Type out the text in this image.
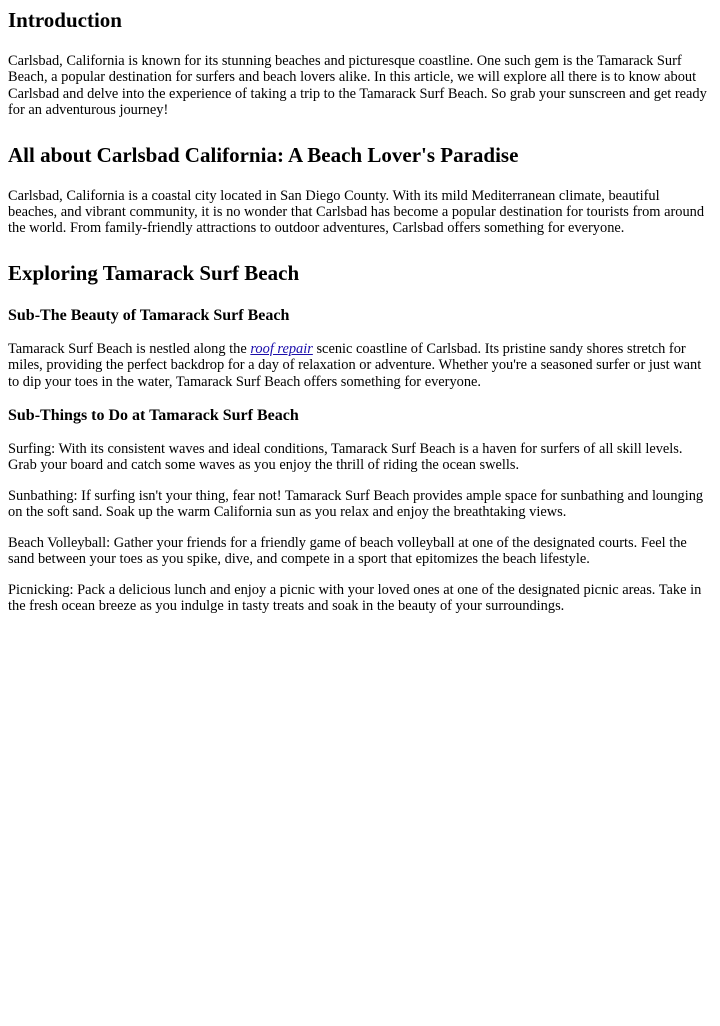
Introduction

Carlsbad, California is known for its stunning beaches and picturesque coastline. One such gem is the Tamarack Surf Beach, a popular destination for surfers and beach lovers alike. In this article, we will explore all there is to know about Carlsbad and delve into the experience of taking a trip to the Tamarack Surf Beach. So grab your sunscreen and get ready for an adventurous journey!

All about Carlsbad California: A Beach Lover's Paradise

Carlsbad, California is a coastal city located in San Diego County. With its mild Mediterranean climate, beautiful beaches, and vibrant community, it is no wonder that Carlsbad has become a popular destination for tourists from around the world. From family-friendly attractions to outdoor adventures, Carlsbad offers something for everyone.

Exploring Tamarack Surf Beach
Sub-The Beauty of Tamarack Surf Beach

Tamarack Surf Beach is nestled along the roof repair scenic coastline of Carlsbad. Its pristine sandy shores stretch for miles, providing the perfect backdrop for a day of relaxation or adventure. Whether you're a seasoned surfer or just want to dip your toes in the water, Tamarack Surf Beach offers something for everyone.

Sub-Things to Do at Tamarack Surf Beach

Surfing: With its consistent waves and ideal conditions, Tamarack Surf Beach is a haven for surfers of all skill levels. Grab your board and catch some waves as you enjoy the thrill of riding the ocean swells.

Sunbathing: If surfing isn't your thing, fear not! Tamarack Surf Beach provides ample space for sunbathing and lounging on the soft sand. Soak up the warm California sun as you relax and enjoy the breathtaking views.

Beach Volleyball: Gather your friends for a friendly game of beach volleyball at one of the designated courts. Feel the sand between your toes as you spike, dive, and compete in a sport that epitomizes the beach lifestyle.

Picnicking: Pack a delicious lunch and enjoy a picnic with your loved ones at one of the designated picnic areas. Take in the fresh ocean breeze as you indulge in tasty treats and soak in the beauty of your surroundings.
